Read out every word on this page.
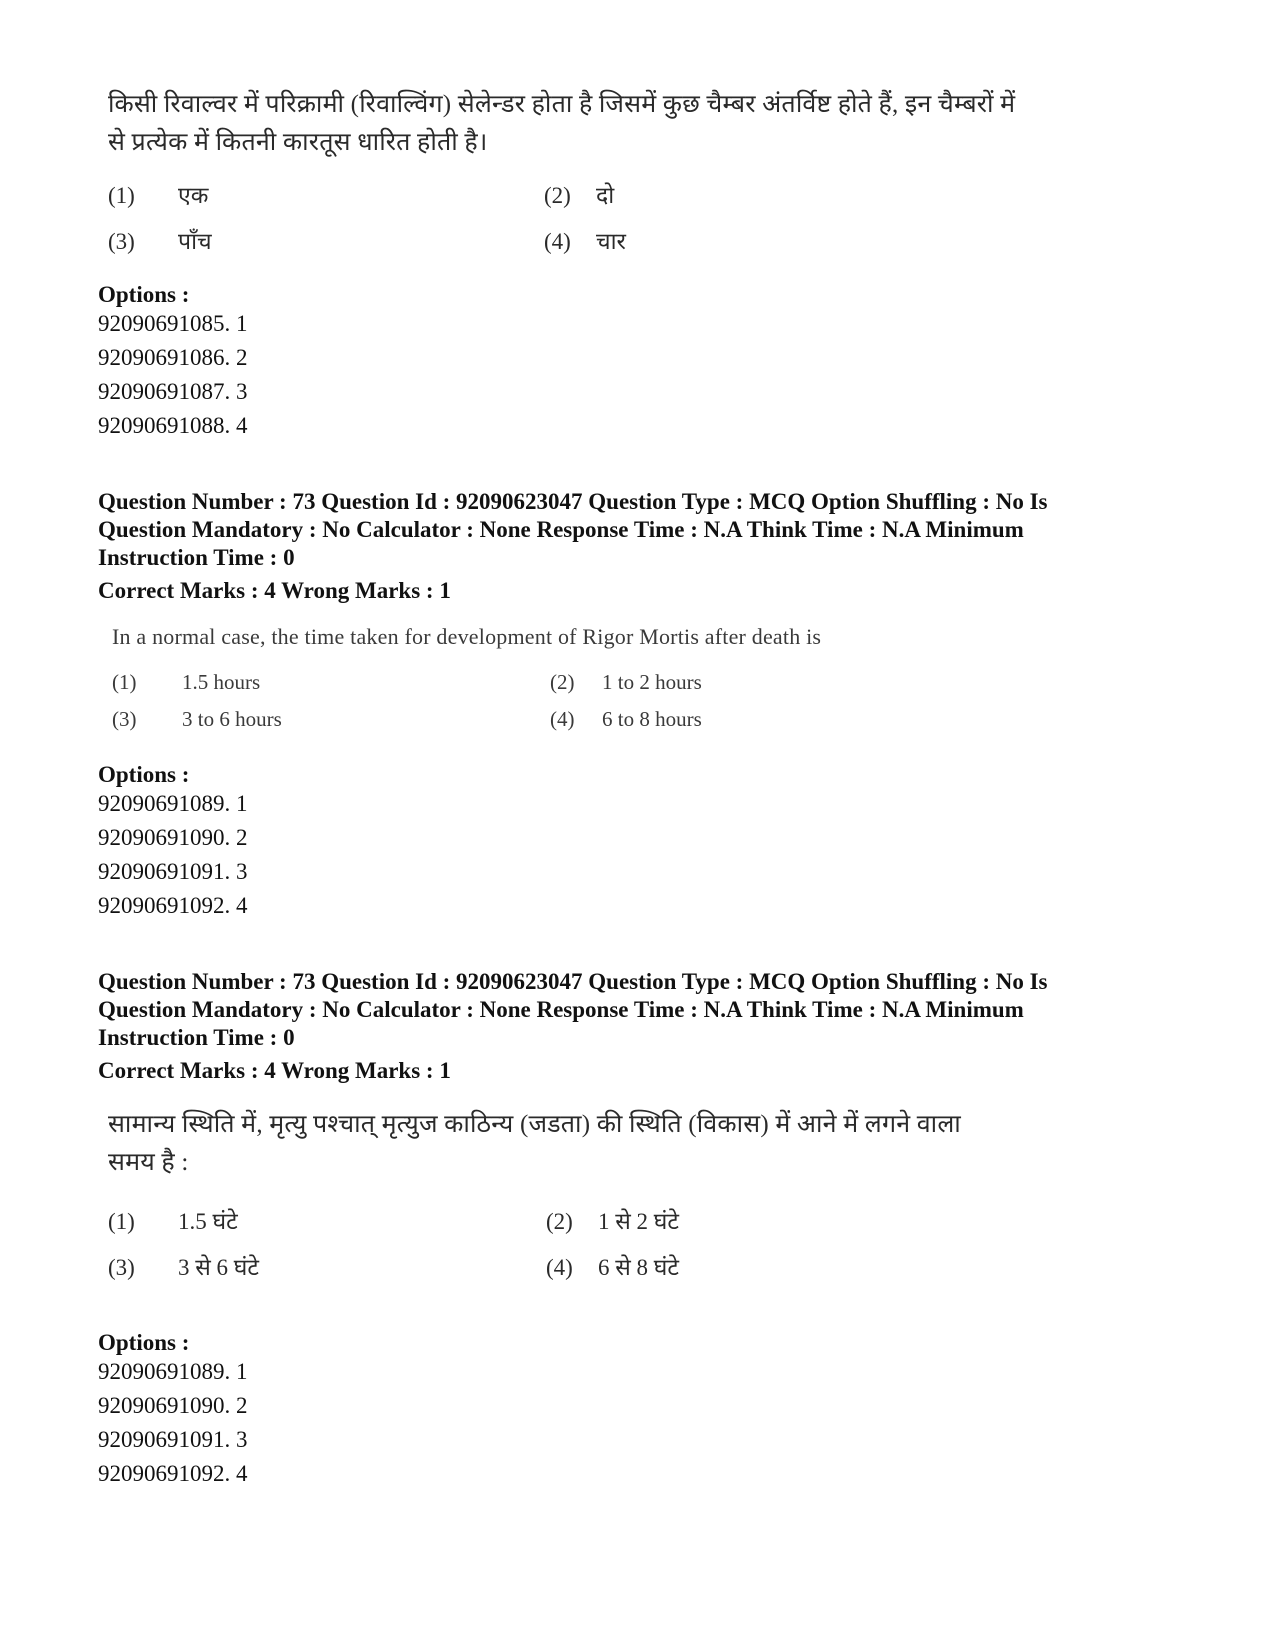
किसी रिवाल्वर में परिक्रामी (रिवाल्विंग) सेलेन्डर होता है जिसमें कुछ चैम्बर अंतर्विष्ट होते हैं, इन चैम्बरों में
से प्रत्येक में कितनी कारतूस धारित होती है।
(1) एक	(2) दो
(3) पाँच	(4) चार
Options :
92090691085. 1
92090691086. 2
92090691087. 3
92090691088. 4
Question Number : 73 Question Id : 92090623047 Question Type : MCQ Option Shuffling : No Is
Question Mandatory : No Calculator : None Response Time : N.A Think Time : N.A Minimum
Instruction Time : 0
Correct Marks : 4 Wrong Marks : 1
In a normal case, the time taken for development of Rigor Mortis after death is
(1) 1.5 hours	(2) 1 to 2 hours
(3) 3 to 6 hours	(4) 6 to 8 hours
Options :
92090691089. 1
92090691090. 2
92090691091. 3
92090691092. 4
Question Number : 73 Question Id : 92090623047 Question Type : MCQ Option Shuffling : No Is
Question Mandatory : No Calculator : None Response Time : N.A Think Time : N.A Minimum
Instruction Time : 0
Correct Marks : 4 Wrong Marks : 1
सामान्य स्थिति में, मृत्यु पश्चात् मृत्युज काठिन्य (जडता) की स्थिति (विकास) में आने में लगने वाला
समय है :
(1) 1.5 घंटे	(2) 1 से 2 घंटे
(3) 3 से 6 घंटे	(4) 6 से 8 घंटे
Options :
92090691089. 1
92090691090. 2
92090691091. 3
92090691092. 4
